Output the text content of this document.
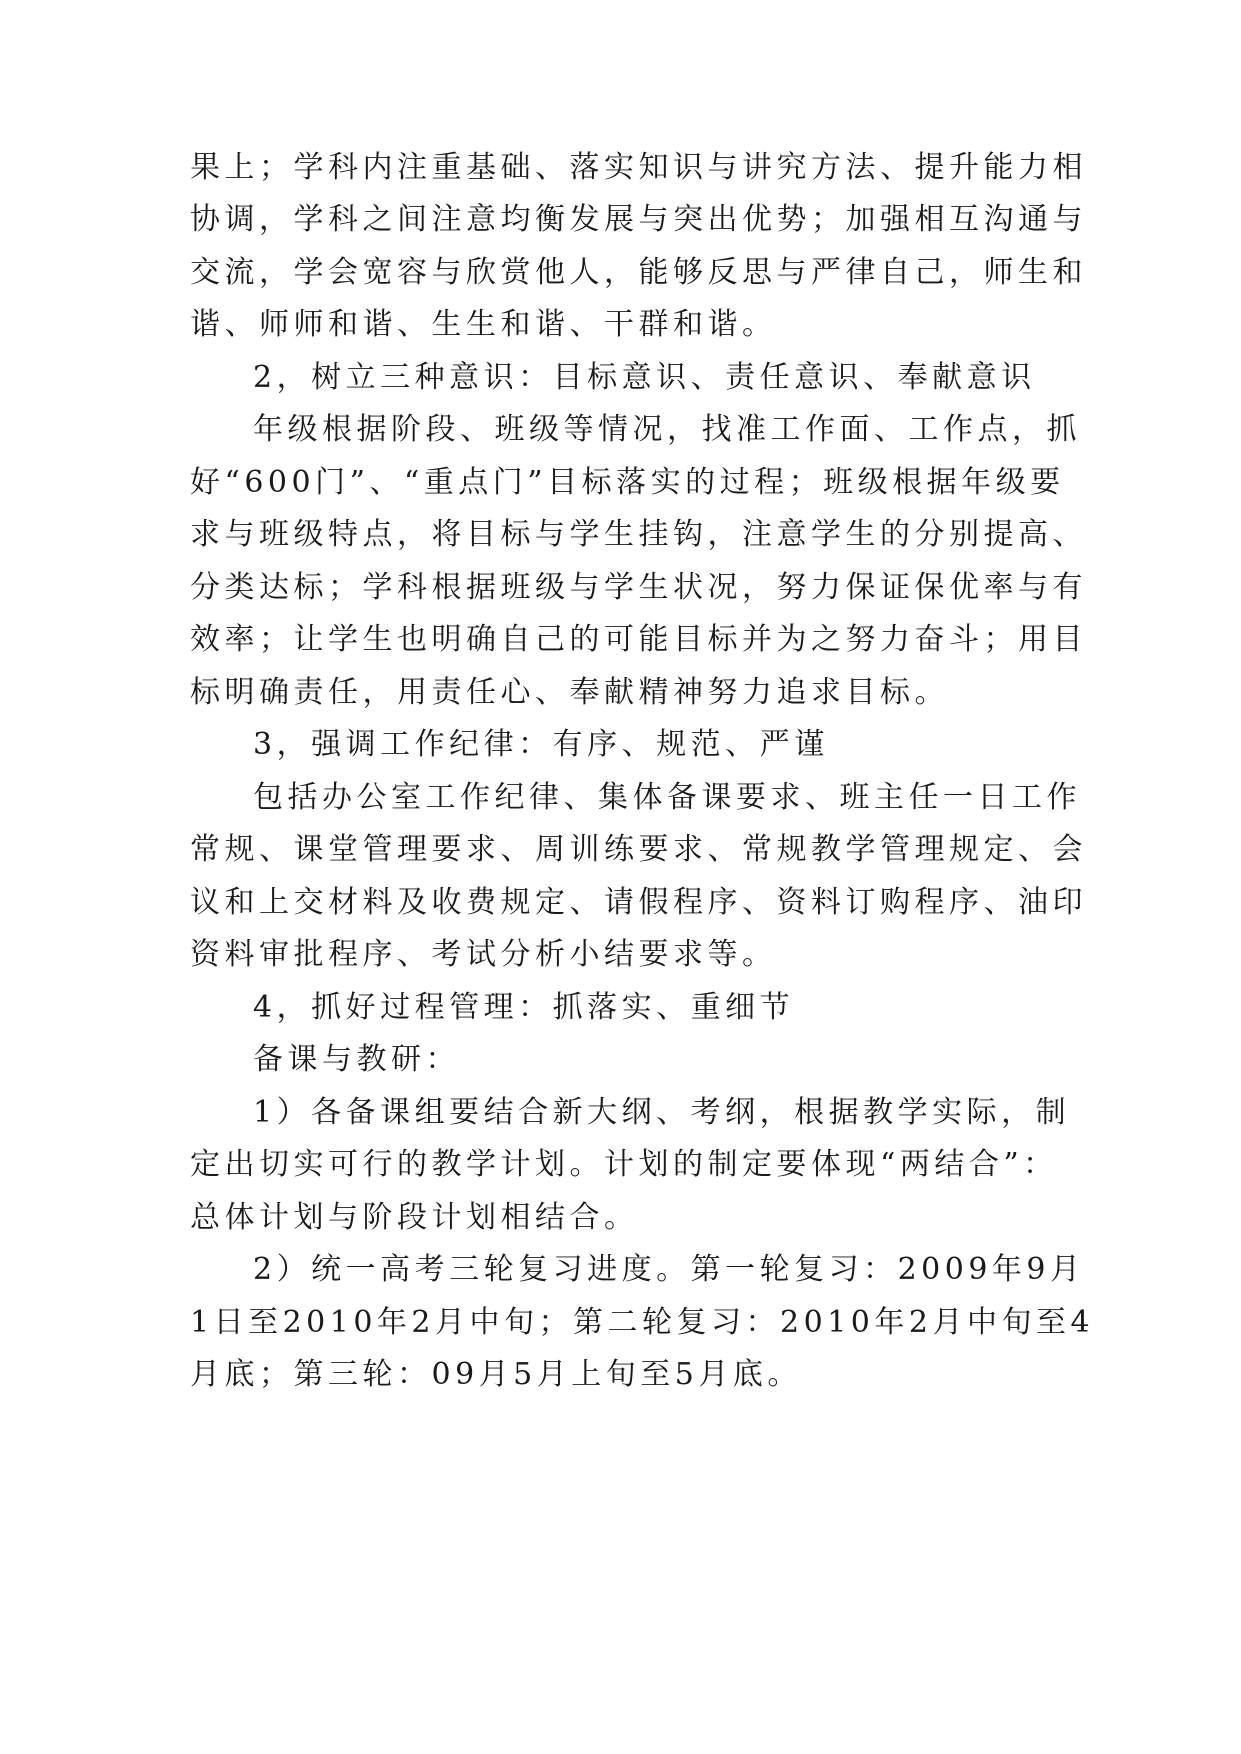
果上；学科内注重基础、落实知识与讲究方法、提升能力相
协调，学科之间注意均衡发展与突出优势；加强相互沟通与
交流，学会宽容与欣赏他人，能够反思与严律自己，师生和
谐、师师和谐、生生和谐、干群和谐。
2，树立三种意识：目标意识、责任意识、奉献意识
年级根据阶段、班级等情况，找准工作面、工作点，抓
好“600门”、“重点门”目标落实的过程；班级根据年级要
求与班级特点，将目标与学生挂钩，注意学生的分别提高、
分类达标；学科根据班级与学生状况，努力保证保优率与有
效率；让学生也明确自己的可能目标并为之努力奋斗；用目
标明确责任，用责任心、奉献精神努力追求目标。
3，强调工作纪律：有序、规范、严谨
包括办公室工作纪律、集体备课要求、班主任一日工作
常规、课堂管理要求、周训练要求、常规教学管理规定、会
议和上交材料及收费规定、请假程序、资料订购程序、油印
资料审批程序、考试分析小结要求等。
4，抓好过程管理：抓落实、重细节
备课与教研：
1）各备课组要结合新大纲、考纲，根据教学实际，制
定出切实可行的教学计划。计划的制定要体现“两结合”：
总体计划与阶段计划相结合。
2）统一高考三轮复习进度。第一轮复习：2009年9月
1日至2010年2月中旬；第二轮复习：2010年2月中旬至4
月底；第三轮：09月5月上旬至5月底。
